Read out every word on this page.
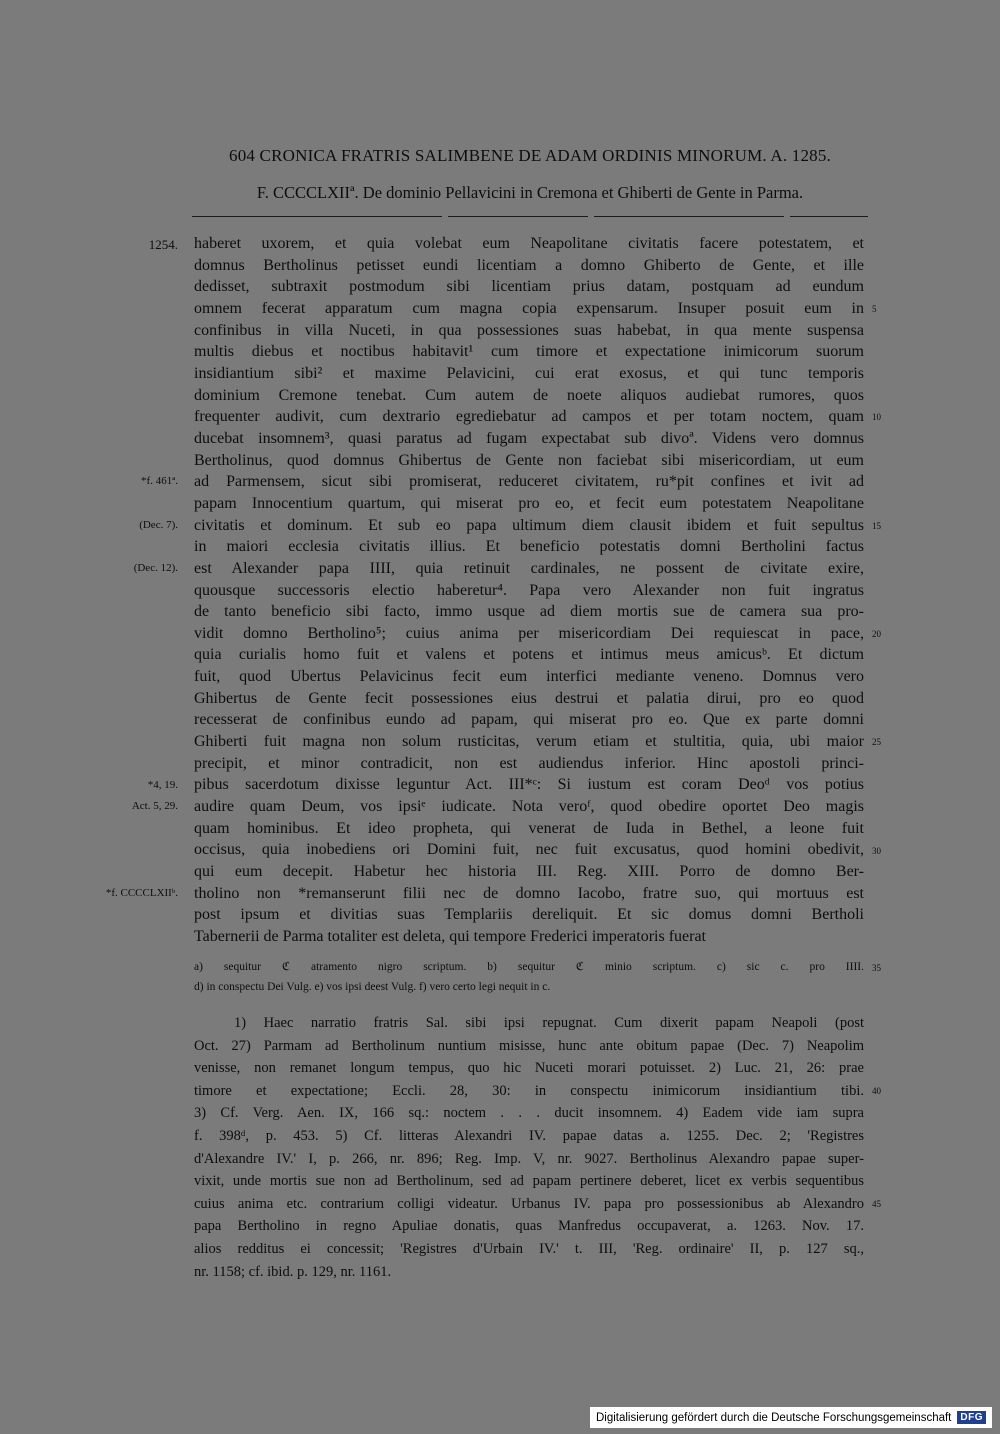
604 CRONICA FRATRIS SALIMBENE DE ADAM ORDINIS MINORUM. A. 1285.
F. CCCCLXIIª. De dominio Pellavicini in Cremona et Ghiberti de Gente in Parma.
haberet uxorem, et quia volebat eum Neapolitane civitatis facere potestatem, et
domnus Bertholinus petisset eundi licentiam a domno Ghiberto de Gente, et ille
dedisset, subtraxit postmodum sibi licentiam prius datam, postquam ad eundum
omnem fecerat apparatum cum magna copia expensarum. Insuper posuit eum in
confinibus in villa Nuceti, in qua possessiones suas habebat, in qua mente suspensa
multis diebus et noctibus habitavit¹ cum timore et expectatione inimicorum suorum
insidiantium sibi² et maxime Pelavicini, cui erat exosus, et qui tunc temporis
dominium Cremone tenebat. Cum autem de noete aliquos audiebat rumores, quos
frequenter audivit, cum dextrario egrediebatur ad campos et per totam noctem, quam
ducebat insomnem³, quasi paratus ad fugam expectabat sub divoª. Videns vero domnus
Bertholinus, quod domnus Ghibertus de Gente non faciebat sibi misericordiam, ut eum
ad Parmensem, sicut sibi promiserat, reduceret civitatem, ru*pit confines et ivit ad
papam Innocentium quartum, qui miserat pro eo, et fecit eum potestatem Neapolitane
civitatis et dominum. Et sub eo papa ultimum diem clausit ibidem et fuit sepultus
in maiori ecclesia civitatis illius. Et beneficio potestatis domni Bertholini factus
est Alexander papa IIII, quia retinuit cardinales, ne possent de civitate exire,
quousque successoris electio haberetur⁴. Papa vero Alexander non fuit ingratus
de tanto beneficio sibi facto, immo usque ad diem mortis sue de camera sua pro-
vidit domno Bertholino⁵; cuius anima per misericordiam Dei requiescat in pace,
quia curialis homo fuit et valens et potens et intimus meus amicusᵇ. Et dictum
fuit, quod Ubertus Pelavicinus fecit eum interfici mediante veneno. Domnus vero
Ghibertus de Gente fecit possessiones eius destrui et palatia dirui, pro eo quod
recesserat de confinibus eundo ad papam, qui miserat pro eo. Que ex parte domni
Ghiberti fuit magna non solum rusticitas, verum etiam et stultitia, quia, ubi maior
precipit, et minor contradicit, non est audiendus inferior. Hinc apostoli princi-
pibus sacerdotum dixisse leguntur Act. III*ᶜ: Si iustum est coram Deoᵈ vos potius
audire quam Deum, vos ipsiᵉ iudicate. Nota veroᶠ, quod obedire oportet Deo magis
quam hominibus. Et ideo propheta, qui venerat de Iuda in Bethel, a leone fuit
occisus, quia inobediens ori Domini fuit, nec fuit excusatus, quod homini obedivit,
qui eum decepit. Habetur hec historia III. Reg. XIII. Porro de domno Ber-
tholino non *remanserunt filii nec de domno Iacobo, fratre suo, qui mortuus est
post ipsum et divitias suas Templariis dereliquit. Et sic domus domni Bertholi
Tabernerii de Parma totaliter est deleta, qui tempore Frederici imperatoris fuerat
a) sequitur ℭ atramento nigro scriptum. b) sequitur ℭ minio scriptum. c) sic c. pro IIII.
d) in conspectu Dei Vulg. e) vos ipsi deest Vulg. f) vero certo legi nequit in c.
1) Haec narratio fratris Sal. sibi ipsi repugnat. Cum dixerit papam Neapoli (post
Oct. 27) Parmam ad Bertholinum nuntium misisse, hunc ante obitum papae (Dec. 7) Neapolim
venisse, non remanet longum tempus, quo hic Nuceti morari potuisset. 2) Luc. 21, 26: prae
timore et expectatione; Eccli. 28, 30: in conspectu inimicorum insidiantium tibi.
3) Cf. Verg. Aen. IX, 166 sq.: noctem . . . ducit insomnem. 4) Eadem vide iam supra
f. 398ᵈ, p. 453. 5) Cf. litteras Alexandri IV. papae datas a. 1255. Dec. 2; 'Registres
d'Alexandre IV.' I, p. 266, nr. 896; Reg. Imp. V, nr. 9027. Bertholinus Alexandro papae super-
vixit, unde mortis sue non ad Bertholinum, sed ad papam pertinere deberet, licet ex verbis sequentibus
cuius anima etc. contrarium colligi videatur. Urbanus IV. papa pro possessionibus ab Alexandro
papa Bertholino in regno Apuliae donatis, quas Manfredus occupaverat, a. 1263. Nov. 17.
alios redditus ei concessit; 'Registres d'Urbain IV.' t. III, 'Reg. ordinaire' II, p. 127 sq.,
nr. 1158; cf. ibid. p. 129, nr. 1161.
Digitalisierung gefördert durch die Deutsche Forschungsgemeinschaft DFG
1254.
*f. 461ª.
(Dec. 7).
(Dec. 12).
*4, 19.
Act. 5, 29.
*f. CCCCLXIIᵇ.
5
10
15
20
25
30
35
40
45
